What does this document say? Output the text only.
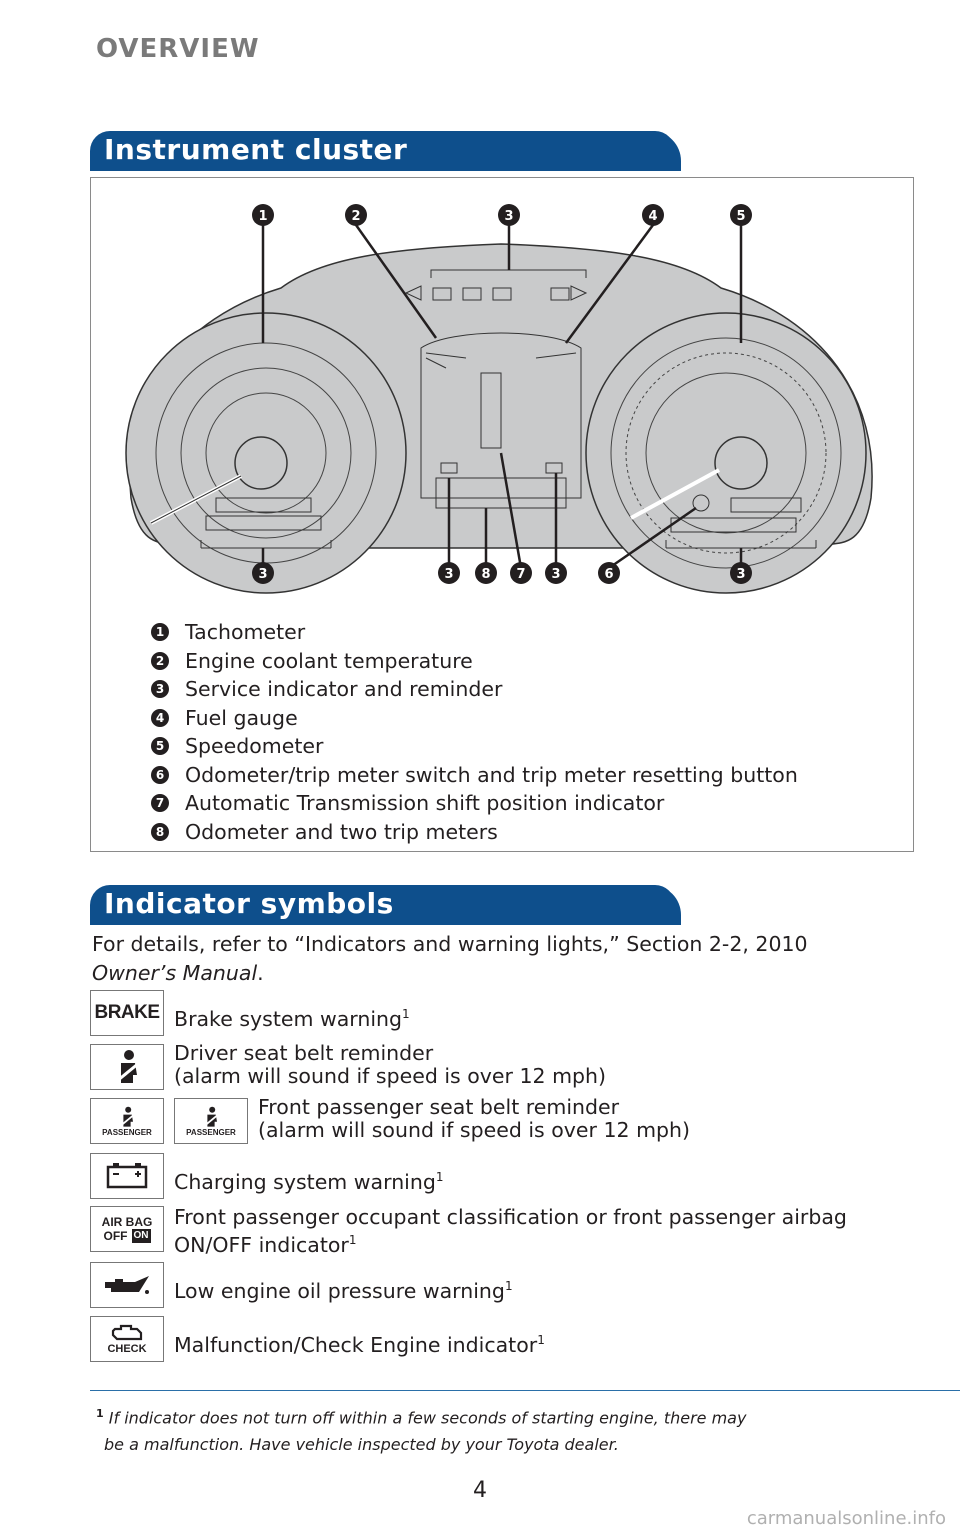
OVERVIEW
Instrument cluster
1	2	3	4	5
3	3 8 7 3	6	3
1 Tachometer
2 Engine coolant temperature
3 Service indicator and reminder
4 Fuel gauge
5 Speedometer
6 Odometer/trip meter switch and trip meter resetting button
7 Automatic Transmission shift position indicator
8 Odometer and two trip meters
Indicator symbols
For details, refer to “Indicators and warning lights,” Section 2-2, 2010
Owner’s Manual.
BRAKE Brake system warning$^1$
Driver seat belt reminder
(alarm will sound if speed is over 12 mph)
PASSENGER	PASSENGER
Front passenger seat belt reminder
(alarm will sound if speed is over 12 mph)
Charging system warning$^1$
AIR BAG
OFF ON
Front passenger occupant classification or front passenger airbag
ON/OFF indicator$^1$
Low engine oil pressure warning$^1$
CHECK Malfunction/Check Engine indicator$^1$
$^1$ If indicator does not turn off within a few seconds of starting engine, there may
be a malfunction. Have vehicle inspected by your Toyota dealer.
4
carmanualsonline.info
